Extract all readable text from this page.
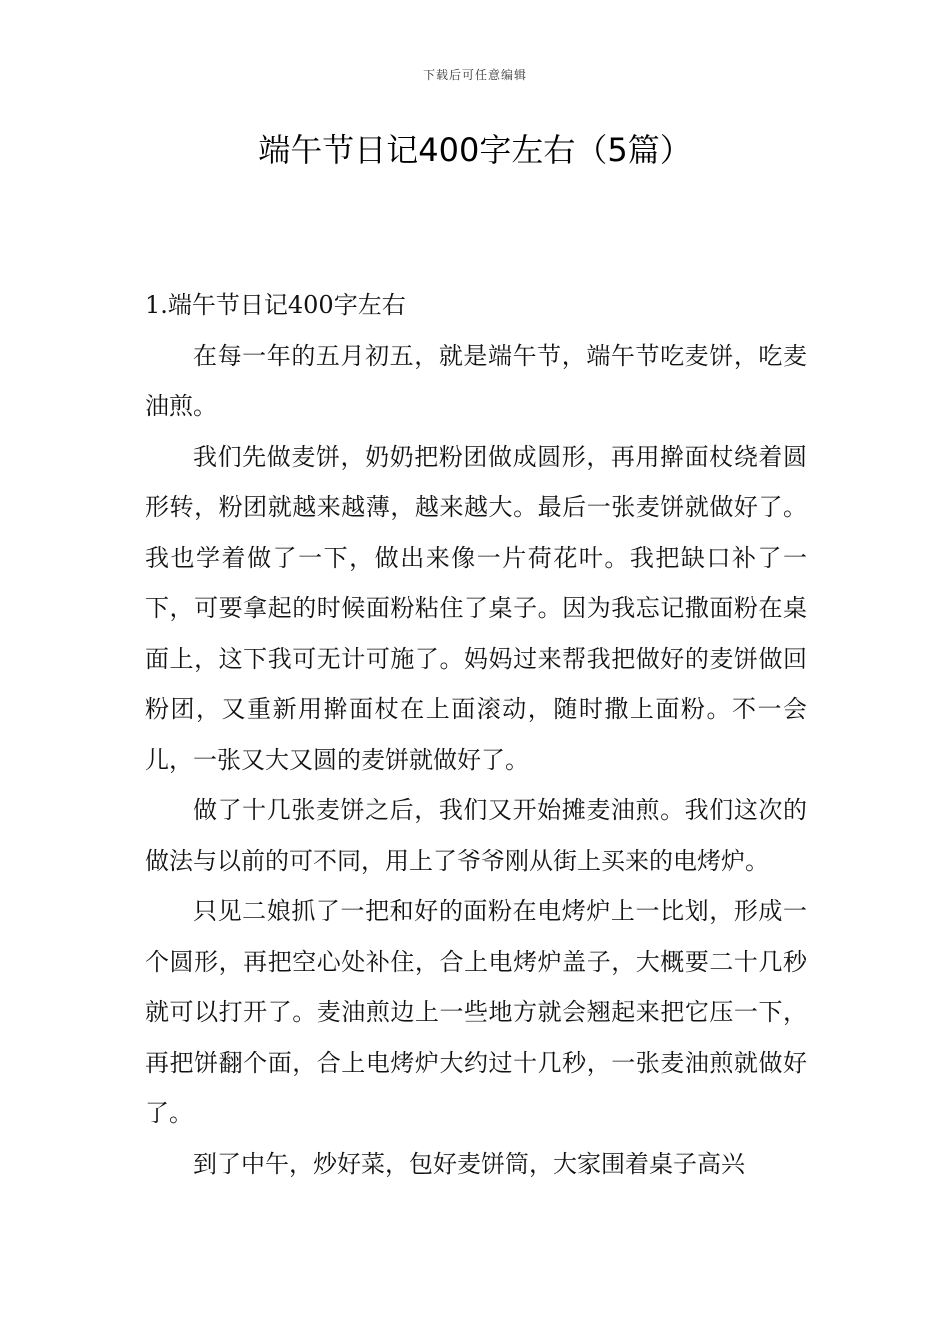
下载后可任意编辑
端午节日记400字左右（5篇）

1.端午节日记400字左右

在每一年的五月初五，就是端午节，端午节吃麦饼，吃麦油煎。

我们先做麦饼，奶奶把粉团做成圆形，再用擀面杖绕着圆形转，粉团就越来越薄，越来越大。最后一张麦饼就做好了。我也学着做了一下，做出来像一片荷花叶。我把缺口补了一下，可要拿起的时候面粉粘住了桌子。因为我忘记撒面粉在桌面上，这下我可无计可施了。妈妈过来帮我把做好的麦饼做回粉团，又重新用擀面杖在上面滚动，随时撒上面粉。不一会儿，一张又大又圆的麦饼就做好了。

做了十几张麦饼之后，我们又开始摊麦油煎。我们这次的做法与以前的可不同，用上了爷爷刚从街上买来的电烤炉。

只见二娘抓了一把和好的面粉在电烤炉上一比划，形成一个圆形，再把空心处补住，合上电烤炉盖子，大概要二十几秒就可以打开了。麦油煎边上一些地方就会翘起来把它压一下，再把饼翻个面，合上电烤炉大约过十几秒，一张麦油煎就做好了。

到了中午，炒好菜，包好麦饼筒，大家围着桌子高兴
